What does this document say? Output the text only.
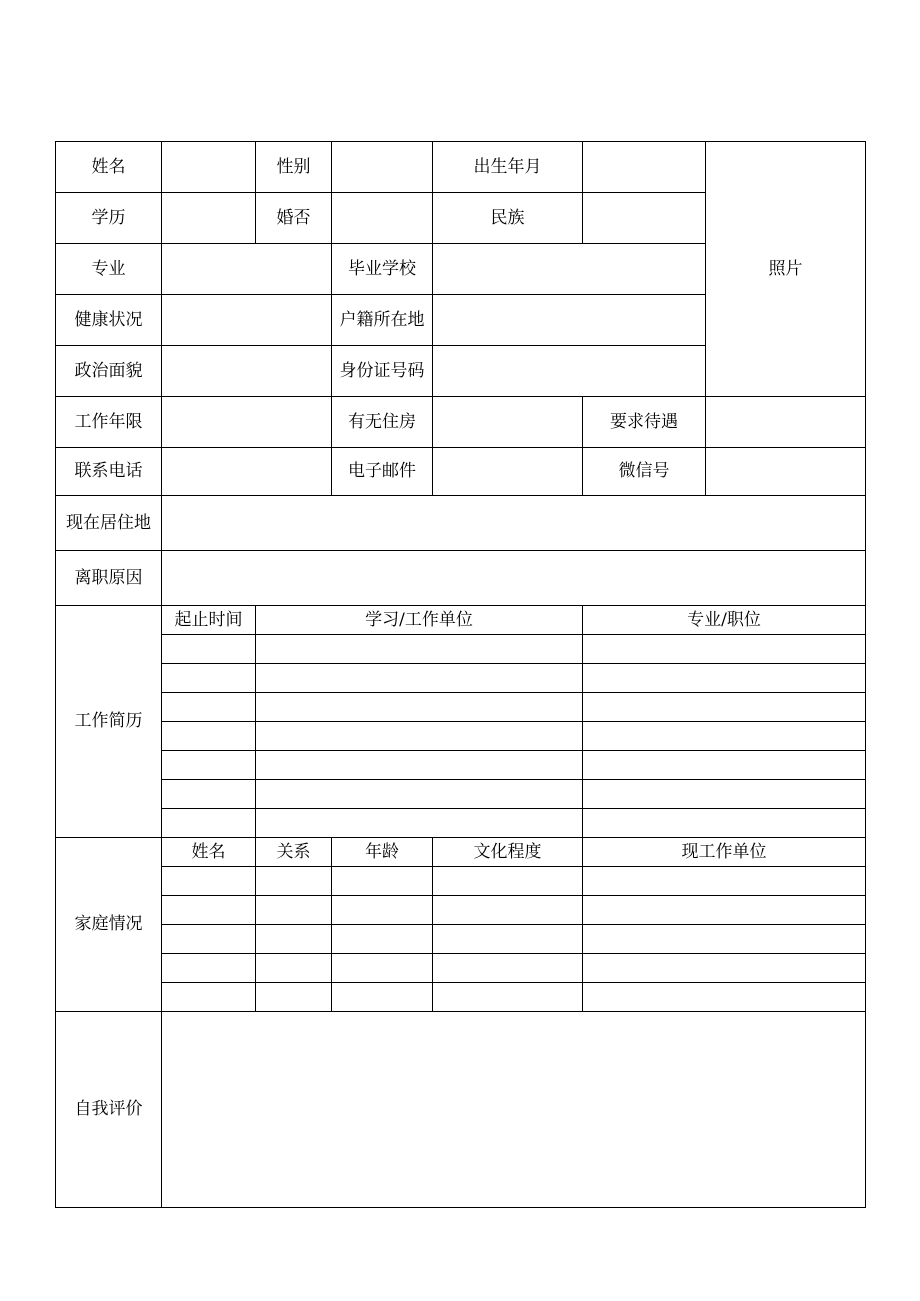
姓名		性别		出生年月		照片
学历		婚否		民族		
专业			毕业学校			
健康状况			户籍所在地			
政治面貌			身份证号码			
工作年限			有无住房		要求待遇	
联系电话			电子邮件		微信号	
现在居住地						
离职原因						
工作简历	起止时间	学习/工作单位			专业/职位	

家庭情况	姓名	关系	年龄	文化程度	现工作单位	

自我评价						
